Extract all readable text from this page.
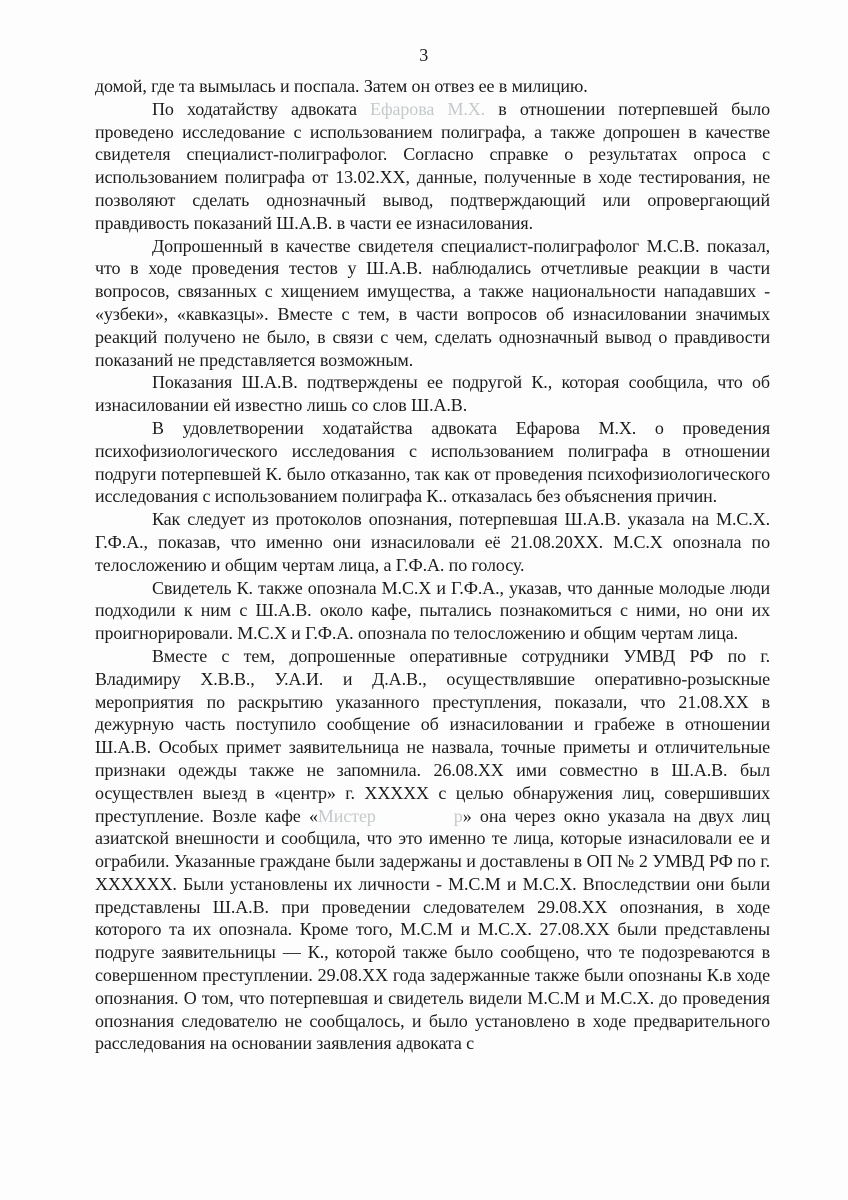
3

домой, где та вымылась и поспала. Затем он отвез ее в милицию.

По ходатайству адвоката Ефарова М.Х. в отношении потерпевшей было проведено исследование с использованием полиграфа, а также допрошен в качестве свидетеля специалист-полиграфолог. Согласно справке о результатах опроса с использованием полиграфа от 13.02.ХХ, данные, полученные в ходе тестирования, не позволяют сделать однозначный вывод, подтверждающий или опровергающий правдивость показаний Ш.А.В. в части ее изнасилования.

Допрошенный в качестве свидетеля специалист-полиграфолог М.С.В. показал, что в ходе проведения тестов у Ш.А.В. наблюдались отчетливые реакции в части вопросов, связанных с хищением имущества, а также национальности нападавших - «узбеки», «кавказцы». Вместе с тем, в части вопросов об изнасиловании значимых реакций получено не было, в связи с чем, сделать однозначный вывод о правдивости показаний не представляется возможным.

Показания Ш.А.В. подтверждены ее подругой К., которая сообщила, что об изнасиловании ей известно лишь со слов Ш.А.В.

В удовлетворении ходатайства адвоката Ефарова М.Х. о проведения психофизиологического исследования с использованием полиграфа в отношении подруги потерпевшей К. было отказанно, так как от проведения психофизиологического исследования с использованием полиграфа К.. отказалась без объяснения причин.

Как следует из протоколов опознания, потерпевшая Ш.А.В. указала на М.С.Х. Г.Ф.А., показав, что именно они изнасиловали её 21.08.20ХХ. М.С.Х опознала по телосложению и общим чертам лица, а Г.Ф.А. по голосу.

Свидетель К. также опознала М.С.Х и Г.Ф.А., указав, что данные молодые люди подходили к ним с Ш.А.В. около кафе, пытались познакомиться с ними, но они их проигнорировали. М.С.Х и Г.Ф.А. опознала по телосложению и общим чертам лица.

Вместе с тем, допрошенные оперативные сотрудники УМВД РФ по г. Владимиру Х.В.В., У.А.И. и Д.А.В., осуществлявшие оперативно-розыскные мероприятия по раскрытию указанного преступления, показали, что 21.08.ХХ в дежурную часть поступило сообщение об изнасиловании и грабеже в отношении Ш.А.В. Особых примет заявительница не назвала, точные приметы и отличительные признаки одежды также не запомнила. 26.08.ХХ ими совместно в Ш.А.В. был осуществлен выезд в «центр» г. ХХХХХ с целью обнаружения лиц, совершивших преступление. Возле кафе «Мистер	р» она через окно указала на двух лиц азиатской внешности и сообщила, что это именно те лица, которые изнасиловали ее и ограбили. Указанные граждане были задержаны и доставлены в ОП № 2 УМВД РФ по г. ХХХХХХ. Были установлены их личности - М.С.М и М.С.Х. Впоследствии они были представлены Ш.А.В. при проведении следователем 29.08.ХХ опознания, в ходе которого та их опознала. Кроме того, М.С.М и М.С.Х. 27.08.ХХ были представлены подруге заявительницы — К., которой также было сообщено, что те подозреваются в совершенном преступлении. 29.08.ХХ года задержанные также были опознаны К.в ходе опознания. О том, что потерпевшая и свидетель видели М.С.М и М.С.Х. до проведения опознания следователю не сообщалось, и было установлено в ходе предварительного расследования на основании заявления адвоката с
